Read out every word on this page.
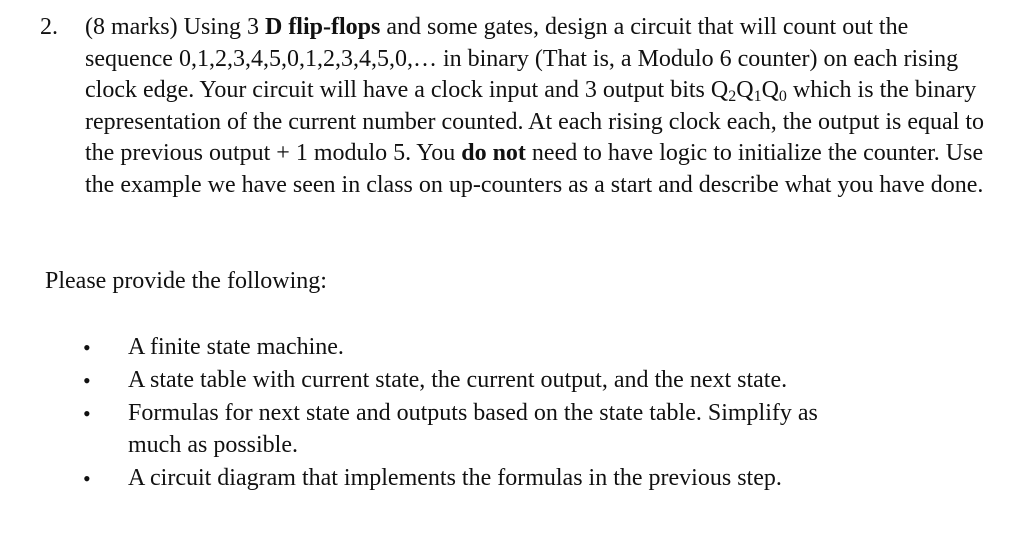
2. (8 marks) Using 3 D flip-flops and some gates, design a circuit that will count out the sequence 0,1,2,3,4,5,0,1,2,3,4,5,0,… in binary (That is, a Modulo 6 counter) on each rising clock edge. Your circuit will have a clock input and 3 output bits $Q_2Q_1Q_0$ which is the binary representation of the current number counted. At each rising clock each, the output is equal to the previous output + 1 modulo 5. You do not need to have logic to initialize the counter. Use the example we have seen in class on up-counters as a start and describe what you have done.

Please provide the following:
• A finite state machine.
• A state table with current state, the current output, and the next state.
• Formulas for next state and outputs based on the state table. Simplify as much as possible.
• A circuit diagram that implements the formulas in the previous step.
